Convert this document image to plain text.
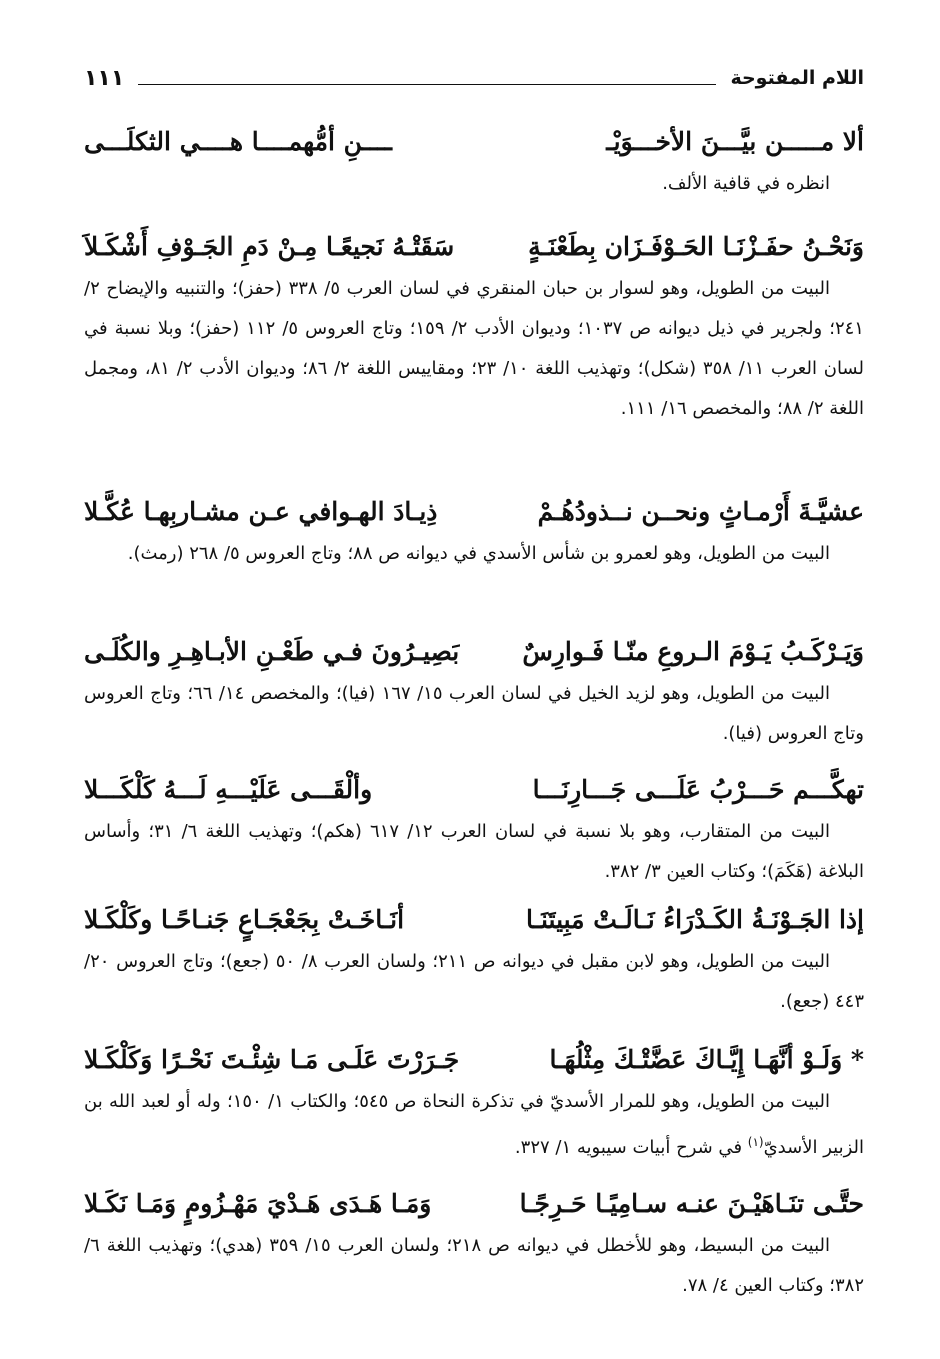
اللام المفتوحة
١١١
ألا مـــــن بيَّـــنَ الأخـــوَيْـ
ــــنِ أمُّهمــــا هــــي الثكلَـــى

انظره في قافية الألف.

وَنَحْـنُ حفَـزْنَـا الحَـوْفَـزَان بِطَعْنَـةٍ
سَقَتْـهُ نَجيعًـا مِـنْ دَمِ الجَـوْفِ أَشْكَـلاَ

البيت من الطويل، وهو لسوار بن حبان المنقري في لسان العرب ٥/ ٣٣٨ (حفز)؛ والتنبيه والإيضاح ٢/ ٢٤١؛ ولجرير في ذيل ديوانه ص ١٠٣٧؛ وديوان الأدب ٢/ ١٥٩؛ وتاج العروس ٥/ ١١٢ (حفز)؛ وبلا نسبة في لسان العرب ١١/ ٣٥٨ (شكل)؛ وتهذيب اللغة ١٠/ ٢٣؛ ومقاييس اللغة ٢/ ٨٦؛ وديوان الأدب ٢/ ٨١، ومجمل اللغة ٢/ ٨٨؛ والمخصص ١٦/ ١١١.

عشيَّـةَ أَرْمـاثٍ ونحــن نــذودُهُـمْ
ذِيـادَ الهـوافي عـن مشـاربِهـا عُكَّـلا

البيت من الطويل، وهو لعمرو بن شأس الأسدي في ديوانه ص ٨٨؛ وتاج العروس ٥/ ٢٦٨ (رمث).

وَيَـرْكَـبُ يَـوْمَ الـروعِ منّـا فَـوارِسٌ
بَصِيـرُونَ فـي طَعْـنِ الأبـاهِـرِ والكُلَـى

البيت من الطويل، وهو لزيد الخيل في لسان العرب ١٥/ ١٦٧ (فيا)؛ والمخصص ١٤/ ٦٦؛ وتاج العروس وتاج العروس (فيا).

تهكَّـــم حَـــرْبُ عَلَـــى جَـــارِنَـــا
وألْقَـــى عَلَيْـــهِ لَـــهُ كَلْكَـــلا

البيت من المتقارب، وهو بلا نسبة في لسان العرب ١٢/ ٦١٧ (هكم)؛ وتهذيب اللغة ٦/ ٣١؛ وأساس البلاغة (هَكَمَ)؛ وكتاب العين ٣/ ٣٨٢.

إذا الجَـوْنَـةُ الكَـدْرَاءُ نَـالَـتْ مَبِيتَنَـا
أنَـاخَـتْ بِجَعْجَـاعٍ جَنـاحًـا وكَلْكَـلا

البيت من الطويل، وهو لابن مقبل في ديوانه ص ٢١١؛ ولسان العرب ٨/ ٥٠ (جعع)؛ وتاج العروس ٢٠/ ٤٤٣ (جعع).

* وَلَـوْ أنَّهَـا إِيَّـاكَ عَضَّتْـكَ مِثْلُهَـا
جَـرَرْتَ عَلَـى مَـا شِئْـتَ نَحْـرًا وَكَلْكَـلا

البيت من الطويل، وهو للمرار الأسديّ في تذكرة النحاة ص ٥٤٥؛ والكتاب ١/ ١٥٠؛ وله أو لعبد الله بن الزبير الأسديّ$^{(١)}$ في شرح أبيات سيبويه ١/ ٣٢٧.

حتَّـى تنَـاهَيْـنَ عنـه سـامِيًـا حَـرِجًـا
وَمَـا هَـدَى هَـدْيَ مَهْـزُومٍ وَمَـا نَكَـلا

البيت من البسيط، وهو للأخطل في ديوانه ص ٢١٨؛ ولسان العرب ١٥/ ٣٥٩ (هدي)؛ وتهذيب اللغة ٦/ ٣٨٢؛ وكتاب العين ٤/ ٧٨.
